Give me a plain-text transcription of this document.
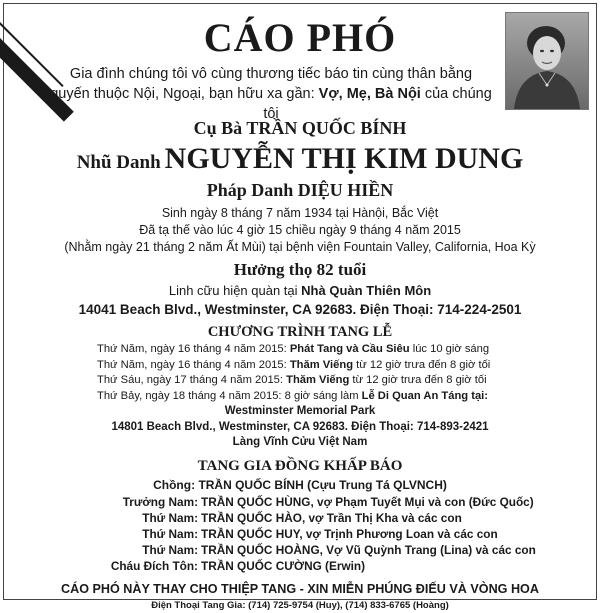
CÁO PHÓ
Gia đình chúng tôi vô cùng thương tiếc báo tin cùng thân bằng
quyến thuộc Nội, Ngoại, bạn hữu xa gần: Vợ, Mẹ, Bà Nội của chúng tôi
Cụ Bà TRẦN QUỐC BÍNH
Nhũ Danh NGUYỄN THỊ KIM DUNG
Pháp Danh DIỆU HIỀN
Sinh ngày 8 tháng 7 năm 1934 tại Hànội, Bắc Việt
Đã tạ thế vào lúc 4 giờ 15 chiều ngày 9 tháng 4 năm 2015
(Nhằm ngày 21 tháng 2 năm Ất Mùi) tại bệnh viện Fountain Valley, California, Hoa Kỳ
Hưởng thọ 82 tuổi
Linh cữu hiện quàn tại Nhà Quàn Thiên Môn
14041 Beach Blvd., Westminster, CA 92683. Điện Thoại: 714-224-2501
CHƯƠNG TRÌNH TANG LỄ
Thứ Năm, ngày 16 tháng 4 năm 2015: Phát Tang và Cầu Siêu lúc 10 giờ sáng
Thứ Năm, ngày 16 tháng 4 năm 2015: Thăm Viếng từ 12 giờ trưa đến 8 giờ tối
Thứ Sáu, ngày 17 tháng 4 năm 2015: Thăm Viếng từ 12 giờ trưa đến 8 giờ tối
Thứ Bảy, ngày 18 tháng 4 năm 2015: 8 giờ sáng làm Lễ Di Quan An Táng tại:
Westminster Memorial Park
14801 Beach Blvd., Westminster, CA 92683. Điện Thoại: 714-893-2421
Làng Vĩnh Cửu Việt Nam
TANG GIA ĐỒNG KHẤP BÁO
Chồng: TRẦN QUỐC BÍNH (Cựu Trung Tá QLVNCH)
Trưởng Nam: TRẦN QUỐC HÙNG, vợ Phạm Tuyết Mụi và con (Đức Quốc)
Thứ Nam: TRẦN QUỐC HÀO, vợ Trần Thị Kha và các con
Thứ Nam: TRẦN QUỐC HUY, vợ Trịnh Phương Loan và các con
Thứ Nam: TRẦN QUỐC HOÀNG, Vợ Vũ Quỳnh Trang (Lina) và các con
Cháu Đích Tôn: TRẦN QUỐC CƯỜNG (Erwin)
CÁO PHÓ NÀY THAY CHO THIỆP TANG - XIN MIỄN PHÚNG ĐIẾU VÀ VÒNG HOA
Điện Thoại Tang Gia: (714) 725-9754 (Huy), (714) 833-6765 (Hoàng)
